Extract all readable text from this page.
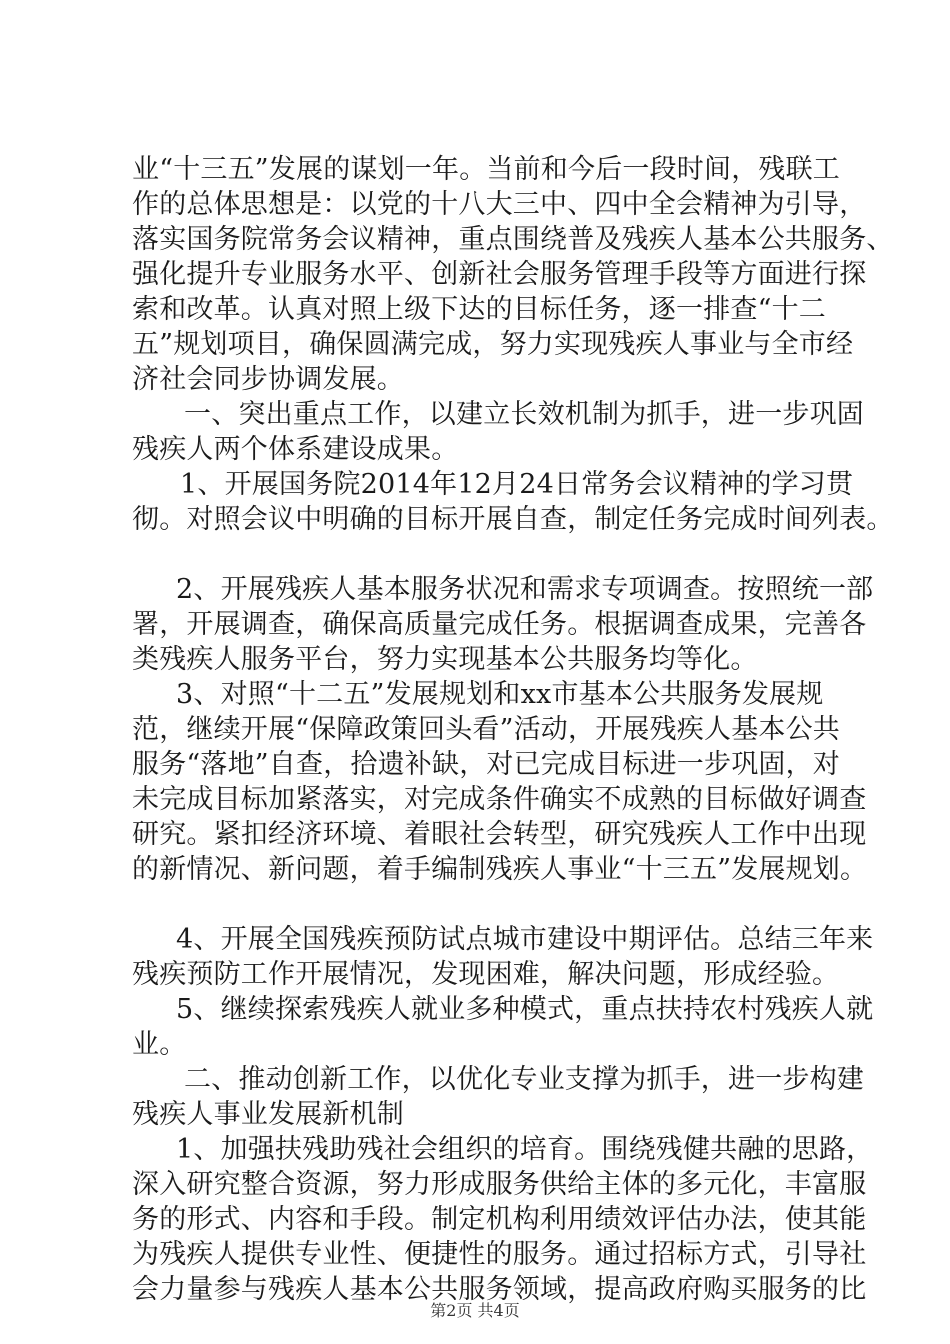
业“十三五”发展的谋划一年。当前和今后一段时间，残联工
作的总体思想是：以党的十八大三中、四中全会精神为引导，
落实国务院常务会议精神，重点围绕普及残疾人基本公共服务、
强化提升专业服务水平、创新社会服务管理手段等方面进行探
索和改革。认真对照上级下达的目标任务，逐一排查“十二
五”规划项目，确保圆满完成，努力实现残疾人事业与全市经
济社会同步协调发展。
一、突出重点工作，以建立长效机制为抓手，进一步巩固
残疾人两个体系建设成果。
1、开展国务院2014年12月24日常务会议精神的学习贯
彻。对照会议中明确的目标开展自查，制定任务完成时间列表。
2、开展残疾人基本服务状况和需求专项调查。按照统一部
署，开展调查，确保高质量完成任务。根据调查成果，完善各
类残疾人服务平台，努力实现基本公共服务均等化。
3、对照“十二五”发展规划和xx市基本公共服务发展规
范，继续开展“保障政策回头看”活动，开展残疾人基本公共
服务“落地”自查，拾遗补缺，对已完成目标进一步巩固，对
未完成目标加紧落实，对完成条件确实不成熟的目标做好调查
研究。紧扣经济环境、着眼社会转型，研究残疾人工作中出现
的新情况、新问题，着手编制残疾人事业“十三五”发展规划。
4、开展全国残疾预防试点城市建设中期评估。总结三年来
残疾预防工作开展情况，发现困难，解决问题，形成经验。
5、继续探索残疾人就业多种模式，重点扶持农村残疾人就
业。
二、推动创新工作，以优化专业支撑为抓手，进一步构建
残疾人事业发展新机制
1、加强扶残助残社会组织的培育。围绕残健共融的思路，
深入研究整合资源，努力形成服务供给主体的多元化，丰富服
务的形式、内容和手段。制定机构利用绩效评估办法，使其能
为残疾人提供专业性、便捷性的服务。通过招标方式，引导社
会力量参与残疾人基本公共服务领域，提高政府购买服务的比
第2页 共4页
